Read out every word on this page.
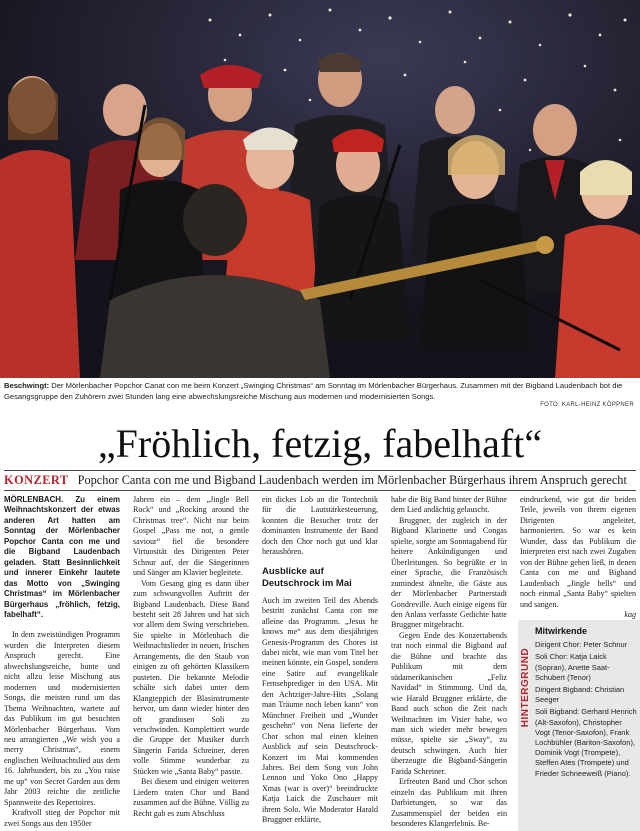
Beschwingt: Der Mörlenbacher Popchor Canat con me beim Konzert „Swinging Christmas“ am Sonntag im Mörlenbacher Bürgerhaus. Zusammen mit der Bigband Laudenbach bot die Gesangsgruppe den Zuhörern zwei Stunden lang eine abwechslungsreiche Mischung aus modernen und modernisierten Songs.
FOTO: KARL-HEINZ KÖPPNER
„Fröhlich, fetzig, fabelhaft“
KONZERT Popchor Canta con me und Bigband Laudenbach werden im Mörlenbacher Bürgerhaus ihrem Anspruch gerecht

MÖRLENBACH. Zu einem Weihnachtskonzert der etwas anderen Art hatten am Sonntag der Mörlenbacher Popchor Canta con me und die Bigband Laudenbach geladen. Statt Besinnlichkeit und innerer Einkehr lautete das Motto von „Swinging Christmas“ im Mörlenbacher Bürgerhaus „fröhlich, fetzig, fabelhaft“.

In dem zweistündigen Programm wurden die Interpreten diesem Anspruch gerecht. Eine abwechslungsreiche, bunte und nicht allzu leise Mischung aus modernen und modernisierten Songs, die meisten rund um das Thema Weihnachten, wartete auf das Publikum im gut besuchten Mörlenbacher Bürgerhaus. Vom neu arrangierten „We wish you a merry Christmas“, einem englischen Weihnachtslied aus dem 16. Jahrhundert, bis zu „You raise me up“ von Secret Garden aus dem Jahr 2003 reichte die zeitliche Spannweite des Repertoires.

Kraftvoll stieg der Popchor mit zwei Songs aus den 1950er

Jahren ein – dem „Jingle Bell Rock“ und „Rocking around the Christmas tree“. Nicht nur beim Gospel „Pass me not, o gentle saviour“ fiel die besondere Virtuosität des Dirigenten Peter Schnur auf, der die Sängerinnen und Sänger am Klavier begleitete.

Vom Gesang ging es dann über zum schwungvollen Auftritt der Bigband Laudenbach. Diese Band besteht seit 28 Jahren und hat sich vor allem dem Swing verschrieben. Sie spielte in Mörlenbach die Weihnachtslieder in neuen, frischen Arrangements, die den Staub von einigen zu oft gehörten Klassikern pusteten. Die bekannte Melodie schälte sich dabei unter dem Klangteppich der Blasinstrumente hervor, um dann wieder hinter den oft grandiosen Soli zu verschwinden. Komplettiert wurde die Gruppe der Musiker durch Sängerin Farida Schreiner, deren volle Stimme wunderbar zu Stücken wie „Santa Baby“ passte.

Bei diesem und einigen weiteren Liedern traten Chor und Band zusammen auf die Bühne. Völlig zu Recht gab es zum Abschluss

ein dickes Lob an die Tontechnik für die Lautstärkesteuerung, konnten die Besucher trotz der dominanten Instrumente der Band doch den Chor noch gut und klar heraushören.

Ausblicke auf Deutschrock im Mai

Auch im zweiten Teil des Abends bestritt zunächst Canta con me alleine das Programm. „Jesus he knows me“ aus dem diesjährigen Genesis-Programm des Chores ist dabei nicht, wie man vom Titel her meinen könnte, ein Gospel, sondern eine Satire auf evangelikale Fernsehprediger in den USA. Mit den Achtziger-Jahre-Hits „Solang man Träume noch leben kann“ von Münchner Freiheit und „Wunder geschehn“ von Nena lieferte der Chor schon mal einen kleinen Ausblick auf sein Deutschrock-Konzert im Mai kommenden Jahres. Bei dem Song von John Lennon und Yoko Ono „Happy Xmas (war is over)“ beeindruckte Katja Laick die Zuschauer mit ihrem Solo. Wie Moderator Harald Bruggner erklärte,

habe die Big Band hinter der Bühne dem Lied andächtig gelauscht.

Bruggner, der zugleich in der Bigband Klarinette und Congas spielte, sorgte am Sonntagabend für heitere Ankündigungen und Überleitungen. So begrüßte er in einer Sprache, die Französisch zumindest ähnelte, die Gäste aus der Mörlenbacher Partnerstadt Gondreville. Auch einige eigens für den Anlass verfasste Gedichte hatte Bruggner mitgebracht.

Gegen Ende des Konzertabends trat noch einmal die Bigband auf die Bühne und brachte das Publikum mit dem südamerikanischen „Feliz Navidad“ in Stimmung. Und da, wie Harald Bruggner erklärte, die Band auch schon die Zeit nach Weihnachten im Visier habe, wo man sich wieder mehr bewegen müsse, spielte sie „Sway“, zu deutsch schwingen. Auch hier überzeugte die Bigband-Sängerin Farida Schreiner.

Erfreuten Band und Chor schon einzeln das Publikum mit ihren Darbietungen, so war das Zusammenspiel der beiden ein besonderes Klangerlebnis. Be-

eindruckend, wie gut die beiden Teile, jeweils von ihrem eigenen Dirigenten angeleitet, harmonierten. So war es kein Wunder, dass das Publikum die Interpreten erst nach zwei Zugaben von der Bühne gehen ließ, in denen Canta con me und Bigband Laudenbach „Jingle bells“ und noch einmal „Santa Baby“ spielten und sangen.

kag

HINTERGRUND
Mitwirkende

Dirigent Chor: Peter Schnur

Soli Chor: Katja Laick (Sopran), Anette Saat-Schubert (Tenor)

Dirigent Bigband: Christian Seeger

Soli Bigband: Gerhard Henrich (Alt-Saxofon), Christopher Vogt (Tenor-Saxofon), Frank Lochbühler (Bariton-Saxofon), Dominik Vogt (Trompete), Steffen Ates (Trompete) und Frieder Schneeweiß (Piano).
